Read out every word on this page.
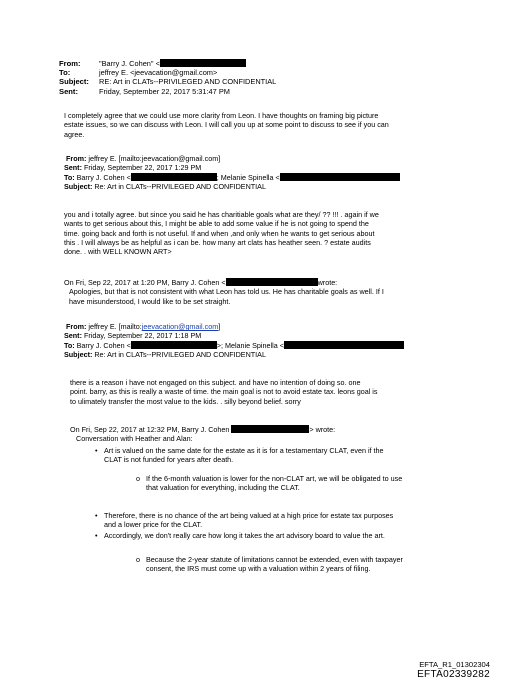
From: "Barry J. Cohen" <
To:	jeffrey E. <jeevacation@gmail.com>
Subject: RE: Art in CLATs--PRIVILEGED AND CONFIDENTIAL
Sent:	Friday, September 22, 2017 5:31:47 PM
I completely agree that we could use more clarity from Leon. I have thoughts on framing big picture
estate issues, so we can discuss with Leon. I will call you up at some point to discuss to see if you can
agree.
From: jeffrey E. [mailto:jeevacation@gmail.com]
Sent: Friday, September 22, 2017 1:29 PM
To: Barry J. Cohen <	; Melanie Spinella <
Subject: Re: Art in CLATs--PRIVILEGED AND CONFIDENTIAL
you and i totally agree. but since you said he has charitiable goals what are they/ ?? !!! . again if we
wants to get serious about this, I might be able to add some value if he is not going to spend the
time. going back and forth is not useful. If and when ,and only when he wants to get serious about
this . I will always be as helpful as i can be. how many art clats has heather seen. ? estate audits
done. . with WELL KNOWN ART>
On Fri, Sep 22, 2017 at 1:20 PM, Barry J. Cohen <	wrote:
Apologies, but that is not consistent with what Leon has told us. He has charitable goals as well. If I
have misunderstood, I would like to be set straight.
From: jeffrey E. [mailto:jeevacation@gmail.com]
Sent: Friday, September 22, 2017 1:18 PM
To: Barry J. Cohen <	>; Melanie Spinella <
Subject: Re: Art in CLATs--PRIVILEGED AND CONFIDENTIAL
there is a reason i have not engaged on this subject. and have no intention of doing so. one
point. barry, as this is really a waste of time. the main goal is not to avoid estate tax. leons goal is
to ulimately transfer the most value to the kids. . silly beyond belief. sorry
On Fri, Sep 22, 2017 at 12:32 PM, Barry J. Cohen	> wrote:
Conversation with Heather and Alan:
• Art is valued on the same date for the estate as it is for a testamentary CLAT, even if the
CLAT is not funded for years after death.
o If the 6-month valuation is lower for the non-CLAT art, we will be obligated to use
that valuation for everything, including the CLAT.
• Therefore, there is no chance of the art being valued at a high price for estate tax purposes
and a lower price for the CLAT.
• Accordingly, we don't really care how long it takes the art advisory board to value the art.
o Because the 2-year statute of limitations cannot be extended, even with taxpayer
consent, the IRS must come up with a valuation within 2 years of filing.
EFTA_R1_01302304
EFTA02339282
